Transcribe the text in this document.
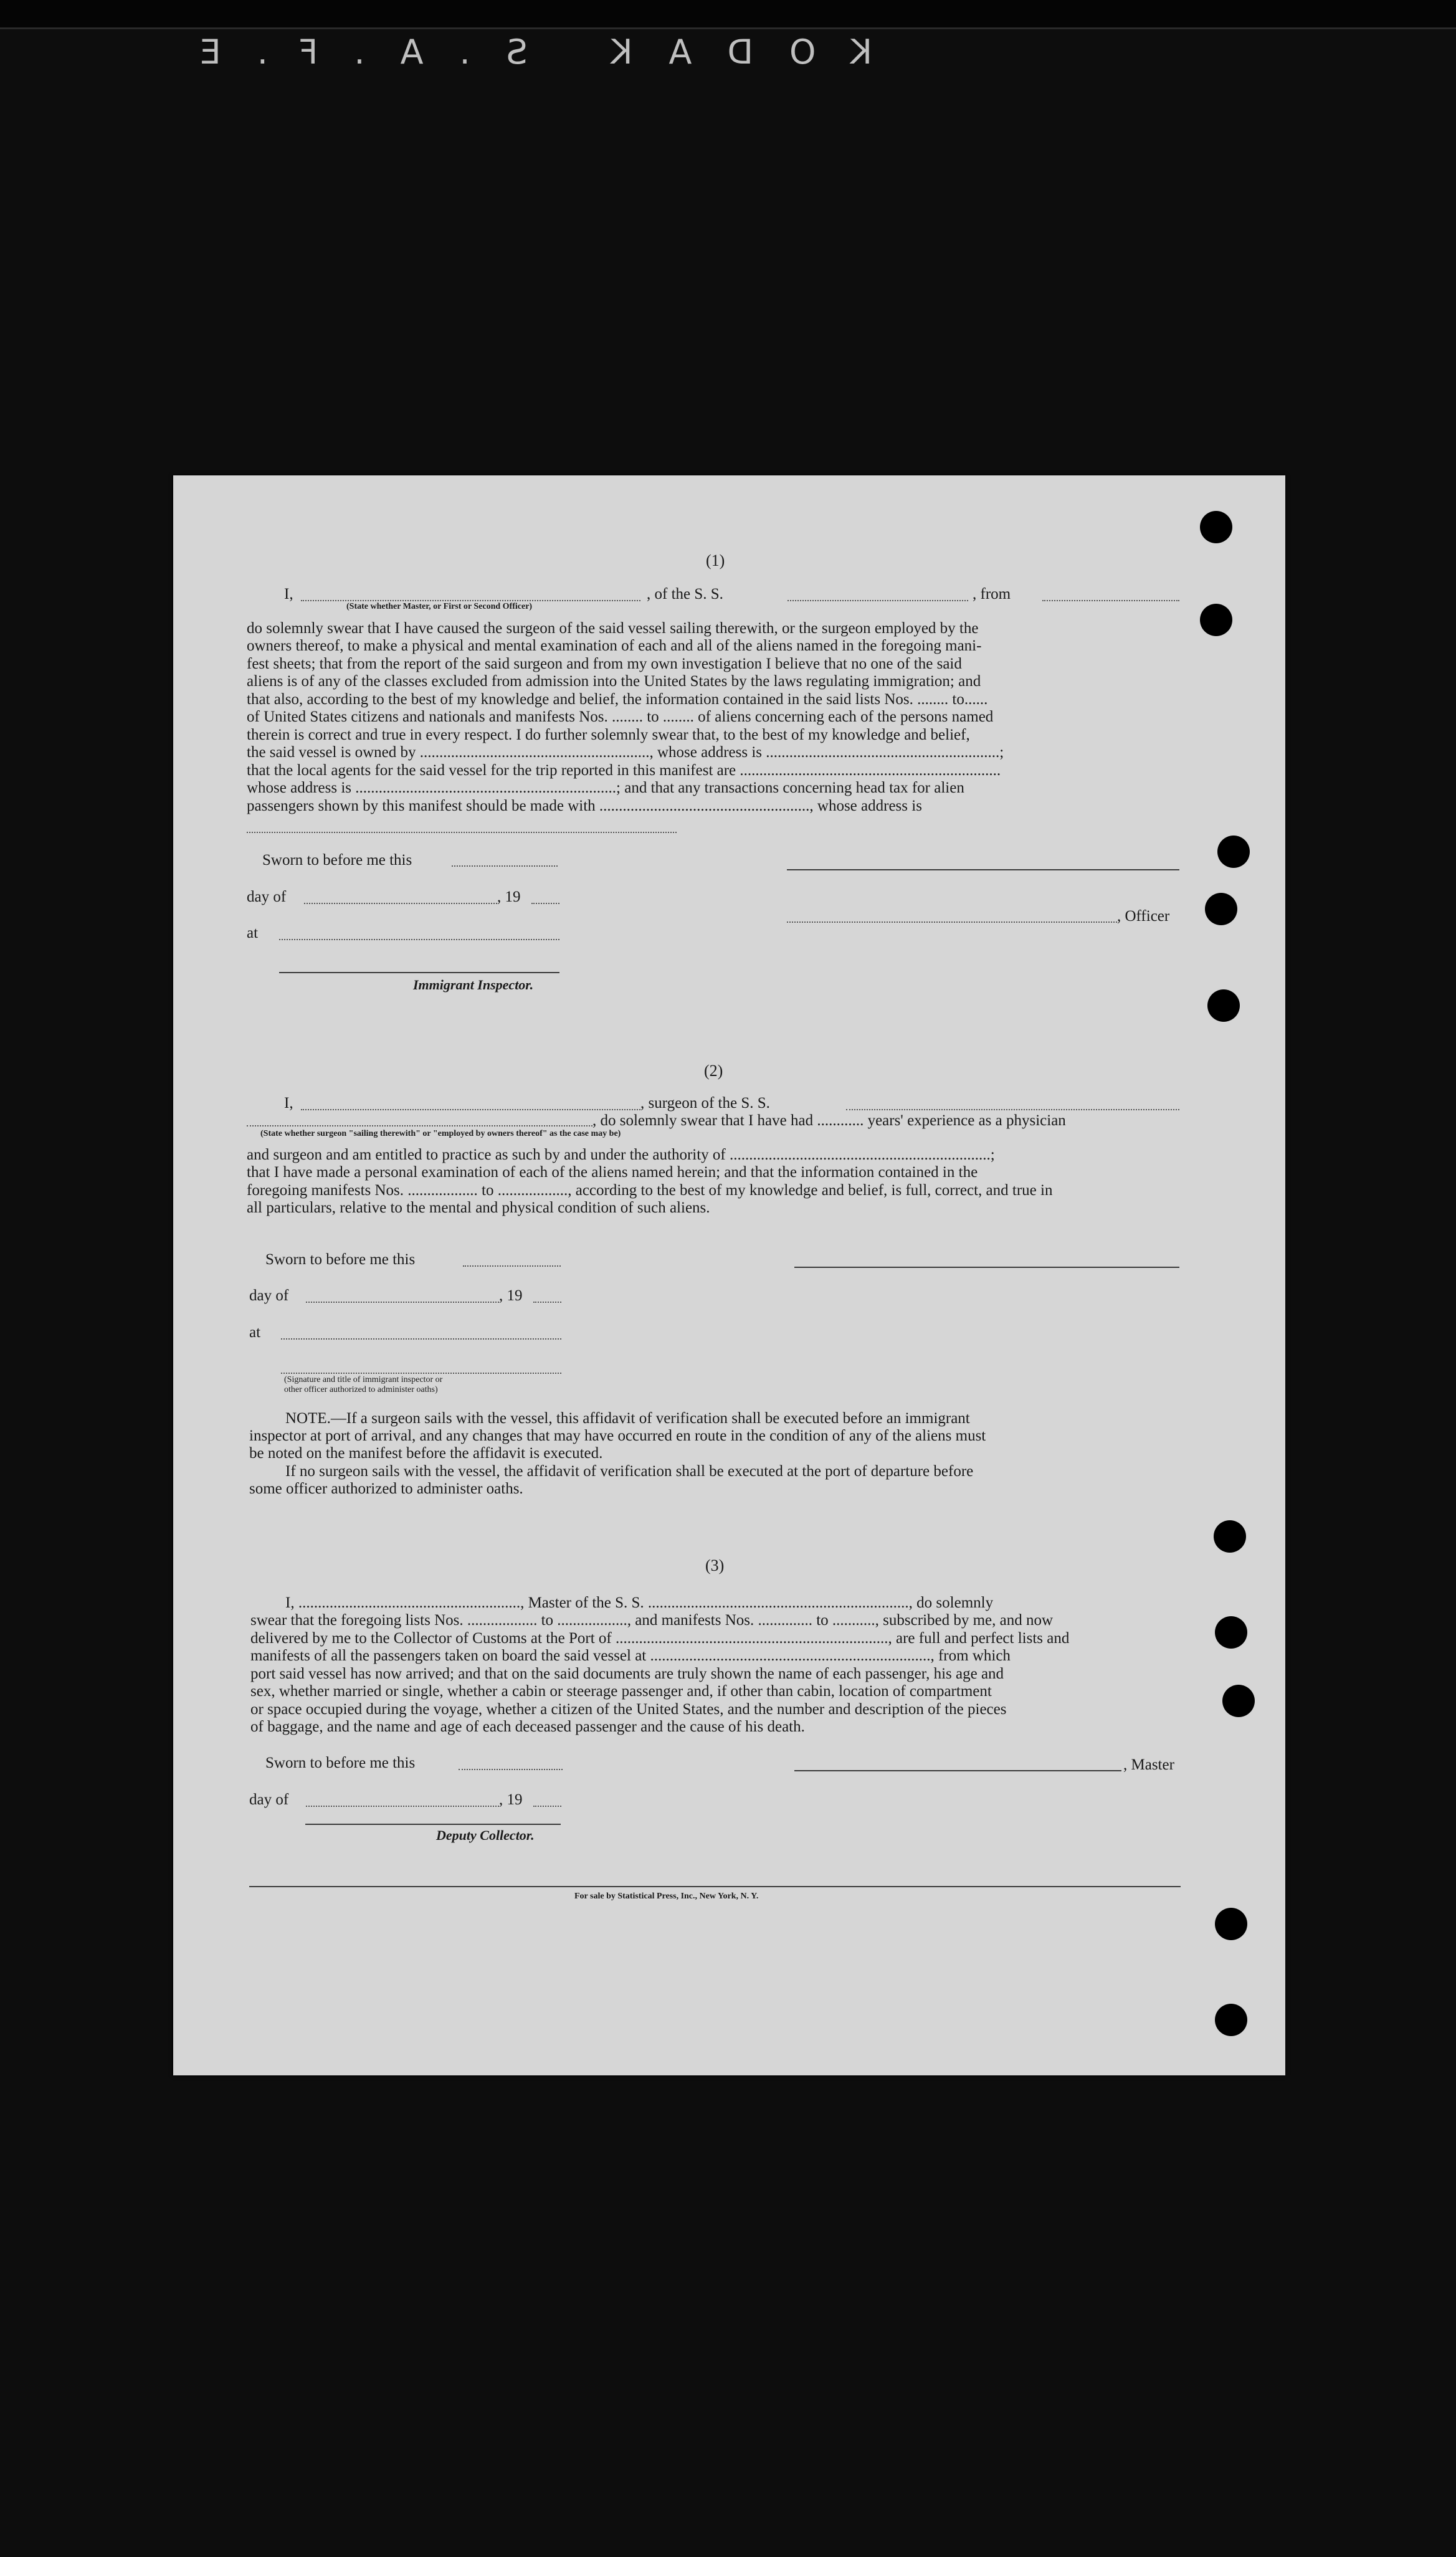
KODAK S.A.F.E
(1)
I,
(State whether Master, or First or Second Officer)
, of the S. S.	, from
do solemnly swear that I have caused the surgeon of the said vessel sailing therewith, or the surgeon employed by the
owners thereof, to make a physical and mental examination of each and all of the aliens named in the foregoing mani-
fest sheets; that from the report of the said surgeon and from my own investigation I believe that no one of the said
aliens is of any of the classes excluded from admission into the United States by the laws regulating immigration; and
that also, according to the best of my knowledge and belief, the information contained in the said lists Nos. ........ to......
of United States citizens and nationals and manifests Nos. ........ to ........ of aliens concerning each of the persons named
therein is correct and true in every respect. I do further solemnly swear that, to the best of my knowledge and belief,
the said vessel is owned by ..........................................................., whose address is ............................................................;
that the local agents for the said vessel for the trip reported in this manifest are ...................................................................
whose address is ...................................................................; and that any transactions concerning head tax for alien
passengers shown by this manifest should be made with ......................................................, whose address is
Sworn to before me this
day of	, 19
, Officer
at
Immigrant Inspector.
(2)
I,	, surgeon of the S. S.
, do solemnly swear that I have had ............ years' experience as a physician
(State whether surgeon "sailing therewith" or "employed by owners thereof" as the case may be)
and surgeon and am entitled to practice as such by and under the authority of ...................................................................;
that I have made a personal examination of each of the aliens named herein; and that the information contained in the
foregoing manifests Nos. .................. to .................., according to the best of my knowledge and belief, is full, correct, and true in
all particulars, relative to the mental and physical condition of such aliens.
Sworn to before me this
day of	, 19
at
(Signature and title of immigrant inspector or
other officer authorized to administer oaths)
NOTE.—If a surgeon sails with the vessel, this affidavit of verification shall be executed before an immigrant
inspector at port of arrival, and any changes that may have occurred en route in the condition of any of the aliens must
be noted on the manifest before the affidavit is executed.
If no surgeon sails with the vessel, the affidavit of verification shall be executed at the port of departure before
some officer authorized to administer oaths.
(3)
I, ........................................................., Master of the S. S. ..................................................................., do solemnly
swear that the foregoing lists Nos. .................. to .................., and manifests Nos. .............. to ..........., subscribed by me, and now
delivered by me to the Collector of Customs at the Port of ......................................................................, are full and perfect lists and
manifests of all the passengers taken on board the said vessel at ........................................................................, from which
port said vessel has now arrived; and that on the said documents are truly shown the name of each passenger, his age and
sex, whether married or single, whether a cabin or steerage passenger and, if other than cabin, location of compartment
or space occupied during the voyage, whether a citizen of the United States, and the number and description of the pieces
of baggage, and the name and age of each deceased passenger and the cause of his death.
Sworn to before me this	, Master
day of	, 19
Deputy Collector.
For sale by Statistical Press, Inc., New York, N. Y.
